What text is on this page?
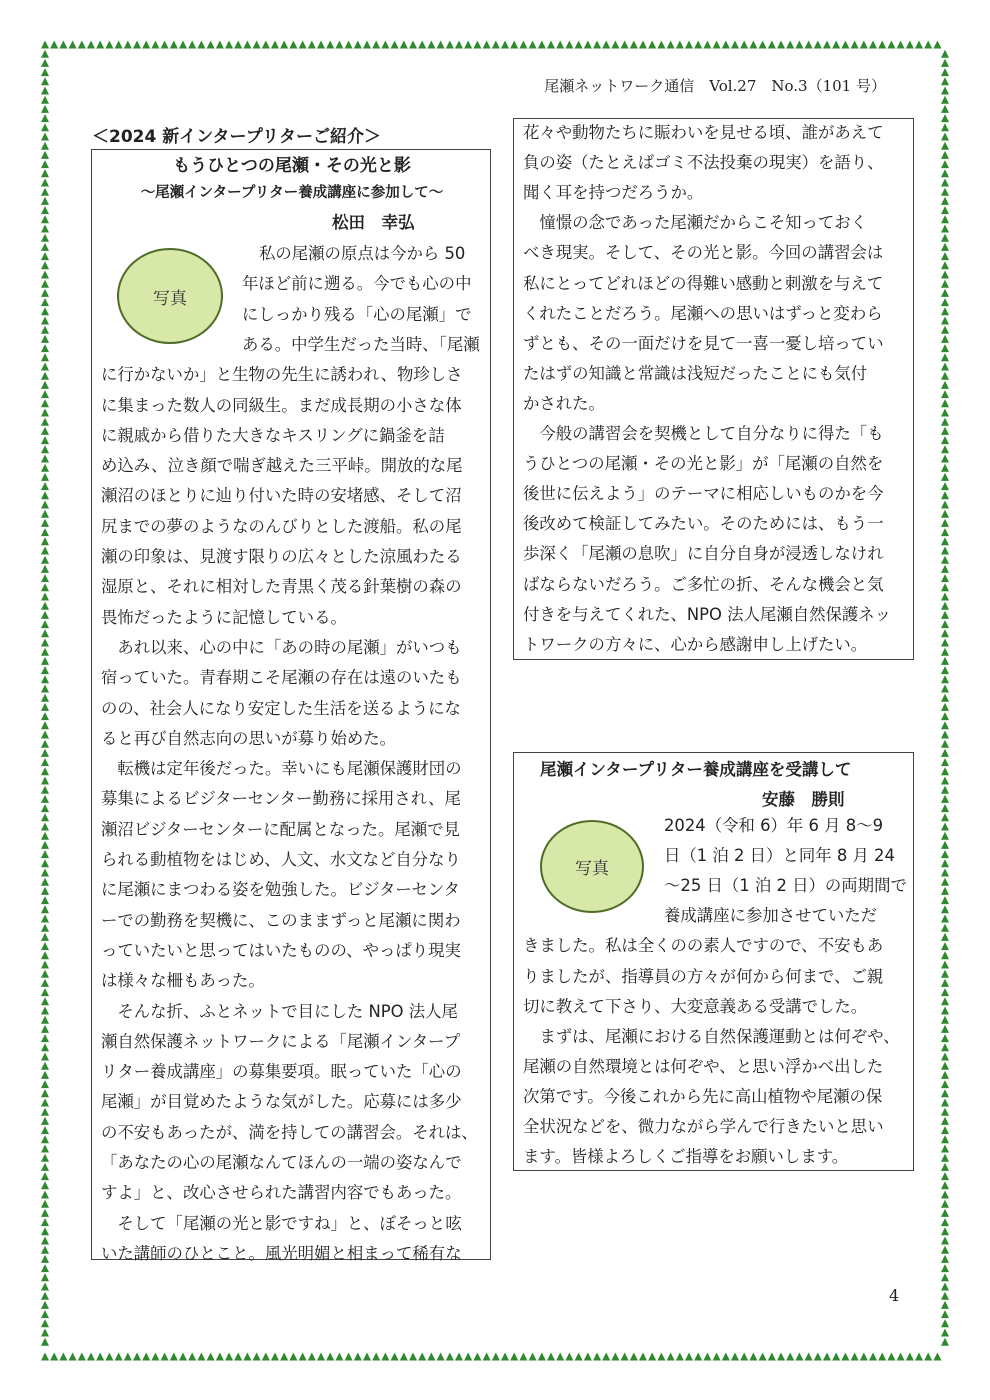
尾瀬ネットワーク通信　Vol.27　No.3（101 号）
＜2024 新インタープリターご紹介＞
もうひとつの尾瀬・その光と影
～尾瀬インタープリター養成講座に参加して～
松田　幸弘
写真
私の尾瀬の原点は今から 50
年ほど前に遡る。今でも心の中
にしっかり残る「心の尾瀬」で
ある。中学生だった当時、「尾瀬
に行かないか」と生物の先生に誘われ、物珍しさ
に集まった数人の同級生。まだ成長期の小さな体
に親戚から借りた大きなキスリングに鍋釜を詰
め込み、泣き顔で喘ぎ越えた三平峠。開放的な尾
瀬沼のほとりに辿り付いた時の安堵感、そして沼
尻までの夢のようなのんびりとした渡船。私の尾
瀬の印象は、見渡す限りの広々とした涼風わたる
湿原と、それに相対した青黒く茂る針葉樹の森の
畏怖だったように記憶している。
　あれ以来、心の中に「あの時の尾瀬」がいつも
宿っていた。青春期こそ尾瀬の存在は遠のいたも
のの、社会人になり安定した生活を送るようにな
ると再び自然志向の思いが募り始めた。
　転機は定年後だった。幸いにも尾瀬保護財団の
募集によるビジターセンター勤務に採用され、尾
瀬沼ビジターセンターに配属となった。尾瀬で見
られる動植物をはじめ、人文、水文など自分なり
に尾瀬にまつわる姿を勉強した。ビジターセンタ
ーでの勤務を契機に、このままずっと尾瀬に関わ
っていたいと思ってはいたものの、やっぱり現実
は様々な柵もあった。
　そんな折、ふとネットで目にした NPO 法人尾
瀬自然保護ネットワークによる「尾瀬インタープ
リター養成講座」の募集要項。眠っていた「心の
尾瀬」が目覚めたような気がした。応募には多少
の不安もあったが、満を持しての講習会。それは、
「あなたの心の尾瀬なんてほんの一端の姿なんで
すよ」と、改心させられた講習内容でもあった。
　そして「尾瀬の光と影ですね」と、ぼそっと呟
いた講師のひとこと。風光明媚と相まって稀有な
花々や動物たちに賑わいを見せる頃、誰があえて
負の姿（たとえばゴミ不法投棄の現実）を語り、
聞く耳を持つだろうか。
　憧憬の念であった尾瀬だからこそ知っておく
べき現実。そして、その光と影。今回の講習会は
私にとってどれほどの得難い感動と刺激を与えて
くれたことだろう。尾瀬への思いはずっと変わら
ずとも、その一面だけを見て一喜一憂し培ってい
たはずの知識と常識は浅短だったことにも気付
かされた。
　今般の講習会を契機として自分なりに得た「も
うひとつの尾瀬・その光と影」が「尾瀬の自然を
後世に伝えよう」のテーマに相応しいものかを今
後改めて検証してみたい。そのためには、もう一
歩深く「尾瀬の息吹」に自分自身が浸透しなけれ
ばならないだろう。ご多忙の折、そんな機会と気
付きを与えてくれた、NPO 法人尾瀬自然保護ネッ
トワークの方々に、心から感謝申し上げたい。
尾瀬インタープリター養成講座を受講して
安藤　勝則
写真
2024（令和 6）年 6 月 8～9
日（1 泊 2 日）と同年 8 月 24
～25 日（1 泊 2 日）の両期間で
養成講座に参加させていただ
きました。私は全くのの素人ですので、不安もあ
りましたが、指導員の方々が何から何まで、ご親
切に教えて下さり、大変意義ある受講でした。
　まずは、尾瀬における自然保護運動とは何ぞや、
尾瀬の自然環境とは何ぞや、と思い浮かべ出した
次第です。今後これから先に高山植物や尾瀬の保
全状況などを、微力ながら学んで行きたいと思い
ます。皆様よろしくご指導をお願いします。
4
